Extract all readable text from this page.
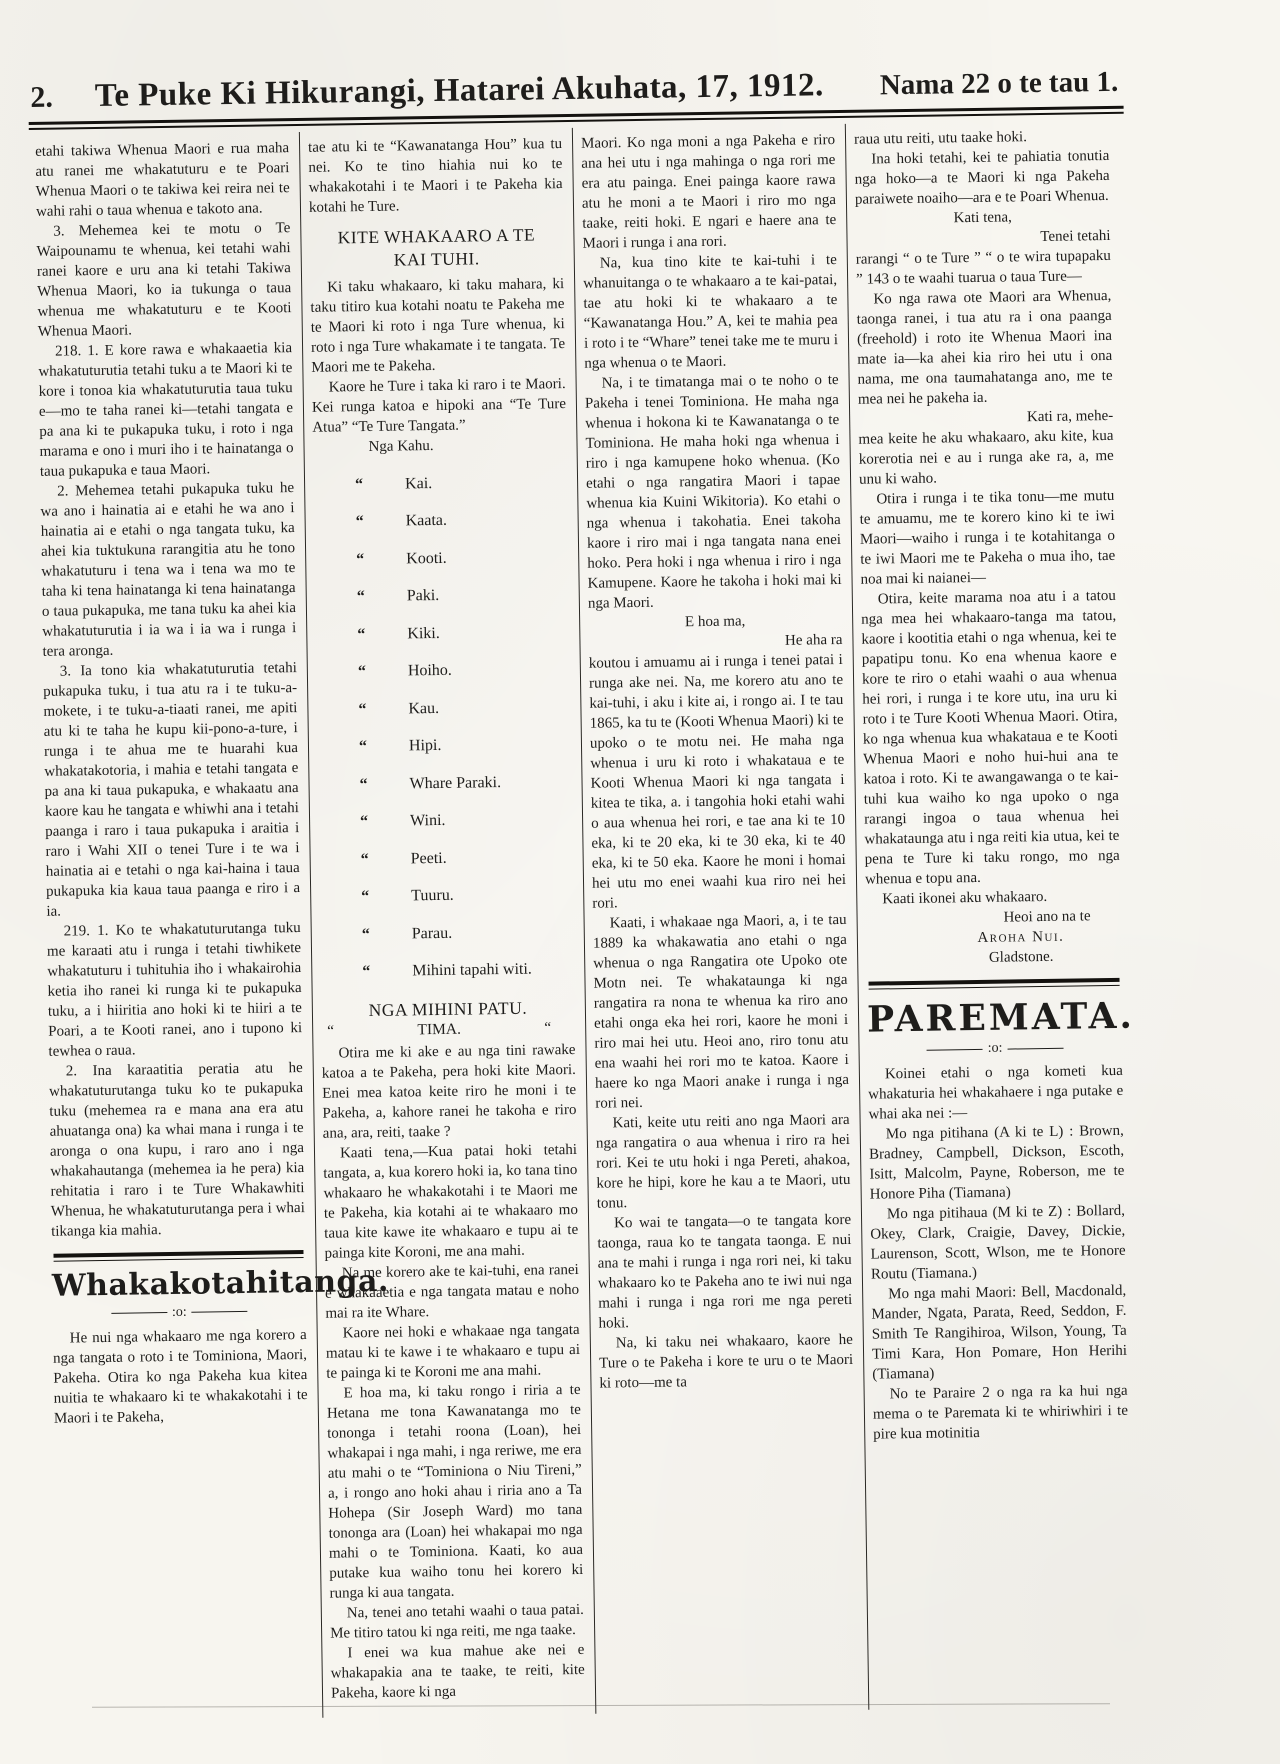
2.	Te Puke Ki Hikurangi, Hatarei Akuhata, 17, 1912.	Nama 22 o te tau 1.

etahi takiwa Whenua Maori e rua maha atu ranei me whakatuturu e te Poari Whenua Maori o te takiwa kei reira nei te wahi rahi o taua whenua e takoto ana.

3. Mehemea kei te motu o Te Waipounamu te whenua, kei tetahi wahi ranei kaore e uru ana ki tetahi Takiwa Whenua Maori, ko ia tukunga o taua whenua me whakatuturu e te Kooti Whenua Maori.

218. 1. E kore rawa e whakaaetia kia whakatuturutia tetahi tuku a te Maori ki te kore i tonoa kia whakatuturutia taua tuku e—mo te taha ranei ki—tetahi tangata e pa ana ki te pukapuka tuku, i roto i nga marama e ono i muri iho i te hainatanga o taua pukapuka e taua Maori.

2. Mehemea tetahi pukapuka tuku he wa ano i hainatia ai e etahi he wa ano i hainatia ai e etahi o nga tangata tuku, ka ahei kia tuktukuna rarangitia atu he tono whakatuturu i tena wa i tena wa mo te taha ki tena hainatanga ki tena hainatanga o taua pukapuka, me tana tuku ka ahei kia whakatuturutia i ia wa i ia wa i runga i tera aronga.

3. Ia tono kia whakatuturutia tetahi pukapuka tuku, i tua atu ra i te tuku-a-mokete, i te tuku-a-tiaati ranei, me apiti atu ki te taha he kupu kii-pono-a-ture, i runga i te ahua me te huarahi kua whakatakotoria, i mahia e tetahi tangata e pa ana ki taua pukapuka, e whakaatu ana kaore kau he tangata e whiwhi ana i tetahi paanga i raro i taua pukapuka i araitia i raro i Wahi XII o tenei Ture i te wa i hainatia ai e tetahi o nga kai-haina i taua pukapuka kia kaua taua paanga e riro i a ia.

219. 1. Ko te whakatuturutanga tuku me karaati atu i runga i tetahi tiwhikete whakatuturu i tuhituhia iho i whakairohia ketia iho ranei ki runga ki te pukapuka tuku, a i hiiritia ano hoki ki te hiiri a te Poari, a te Kooti ranei, ano i tupono ki tewhea o raua.

2. Ina karaatitia peratia atu he whakatuturutanga tuku ko te pukapuka tuku (mehemea ra e mana ana era atu ahuatanga ona) ka whai mana i runga i te aronga o ona kupu, i raro ano i nga whakahautanga (mehemea ia he pera) kia rehitatia i raro i te Ture Whakawhiti Whenua, he whakatuturutanga pera i whai tikanga kia mahia.

Whakakotahitanga.
:o:

He nui nga whakaaro me nga korero a nga tangata o roto i te Tominiona, Maori, Pakeha. Otira ko nga Pakeha kua kitea nuitia te whakaaro ki te whakakotahi i te Maori i te Pakeha,

tae atu ki te “Kawanatanga Hou” kua tu nei. Ko te tino hiahia nui ko te whakakotahi i te Maori i te Pakeha kia kotahi he Ture.

KITE WHAKAARO A TE KAI TUHI.

Ki taku whakaaro, ki taku mahara, ki taku titiro kua kotahi noatu te Pakeha me te Maori ki roto i nga Ture whenua, ki roto i nga Ture whakamate i te tangata. Te Maori me te Pakeha.

Kaore he Ture i taka ki raro i te Maori. Kei runga katoa e hipoki ana “Te Ture Atua” “Te Ture Tangata.”

Nga Kahu.

“	Kai.

“	Kaata.

“	Kooti.

“	Paki.

“	Kiki.

“	Hoiho.

“	Kau.

“	Hipi.

“	Whare Paraki.

“	Wini.

“	Peeti.

“	Tuuru.

“	Parau.

“	Mihini tapahi witi.

NGA MIHINI PATU.
“	TIMA.	“

Otira me ki ake e au nga tini rawake katoa a te Pakeha, pera hoki kite Maori. Enei mea katoa keite riro he moni i te Pakeha, a, kahore ranei he takoha e riro ana, ara, reiti, taake ?

Kaati tena,—Kua patai hoki tetahi tangata, a, kua korero hoki ia, ko tana tino whakaaro he whakakotahi i te Maori me te Pakeha, kia kotahi ai te whakaaro mo taua kite kawe ite whakaaro e tupu ai te painga kite Koroni, me ana mahi.

Na me korero ake te kai-tuhi, ena ranei e whakaaetia e nga tangata matau e noho mai ra ite Whare.

Kaore nei hoki e whakaae nga tangata matau ki te kawe i te whakaaro e tupu ai te painga ki te Koroni me ana mahi.

E hoa ma, ki taku rongo i riria a te Hetana me tona Kawanatanga mo te tononga i tetahi roona (Loan), hei whakapai i nga mahi, i nga reriwe, me era atu mahi o te “Tominiona o Niu Tireni,” a, i rongo ano hoki ahau i riria ano a Ta Hohepa (Sir Joseph Ward) mo tana tononga ara (Loan) hei whakapai mo nga mahi o te Tominiona. Kaati, ko aua putake kua waiho tonu hei korero ki runga ki aua tangata.

Na, tenei ano tetahi waahi o taua patai. Me titiro tatou ki nga reiti, me nga taake.

I enei wa kua mahue ake nei e whakapakia ana te taake, te reiti, kite Pakeha, kaore ki nga

Maori. Ko nga moni a nga Pakeha e riro ana hei utu i nga mahinga o nga rori me era atu painga. Enei painga kaore rawa atu he moni a te Maori i riro mo nga taake, reiti hoki. E ngari e haere ana te Maori i runga i ana rori.

Na, kua tino kite te kai-tuhi i te whanuitanga o te whakaaro a te kai-patai, tae atu hoki ki te whakaaro a te “Kawanatanga Hou.” A, kei te mahia pea i roto i te “Whare” tenei take me te muru i nga whenua o te Maori.

Na, i te timatanga mai o te noho o te Pakeha i tenei Tominiona. He maha nga whenua i hokona ki te Kawanatanga o te Tominiona. He maha hoki nga whenua i riro i nga kamupene hoko whenua. (Ko etahi o nga rangatira Maori i tapae whenua kia Kuini Wikitoria). Ko etahi o nga whenua i takohatia. Enei takoha kaore i riro mai i nga tangata nana enei hoko. Pera hoki i nga whenua i riro i nga Kamupene. Kaore he takoha i hoki mai ki nga Maori.

E hoa ma,

He aha ra

koutou i amuamu ai i runga i tenei patai i runga ake nei. Na, me korero atu ano te kai-tuhi, i aku i kite ai, i rongo ai. I te tau 1865, ka tu te (Kooti Whenua Maori) ki te upoko o te motu nei. He maha nga whenua i uru ki roto i whakataua e te Kooti Whenua Maori ki nga tangata i kitea te tika, a. i tangohia hoki etahi wahi o aua whenua hei rori, e tae ana ki te 10 eka, ki te 20 eka, ki te 30 eka, ki te 40 eka, ki te 50 eka. Kaore he moni i homai hei utu mo enei waahi kua riro nei hei rori.

Kaati, i whakaae nga Maori, a, i te tau 1889 ka whakawatia ano etahi o nga whenua o nga Rangatira ote Upoko ote Motn nei. Te whakataunga ki nga rangatira ra nona te whenua ka riro ano etahi onga eka hei rori, kaore he moni i riro mai hei utu. Heoi ano, riro tonu atu ena waahi hei rori mo te katoa. Kaore i haere ko nga Maori anake i runga i nga rori nei.

Kati, keite utu reiti ano nga Maori ara nga rangatira o aua whenua i riro ra hei rori. Kei te utu hoki i nga Pereti, ahakoa, kore he hipi, kore he kau a te Maori, utu tonu.

Ko wai te tangata—o te tangata kore taonga, raua ko te tangata taonga. E nui ana te mahi i runga i nga rori nei, ki taku whakaaro ko te Pakeha ano te iwi nui nga mahi i runga i nga rori me nga pereti hoki.

Na, ki taku nei whakaaro, kaore he Ture o te Pakeha i kore te uru o te Maori ki roto—me ta

raua utu reiti, utu taake hoki.

Ina hoki tetahi, kei te pahiatia tonutia nga hoko—a te Maori ki nga Pakeha paraiwete noaiho—ara e te Poari Whenua.

Kati tena,

Tenei tetahi

rarangi “ o te Ture ” “ o te wira tupapaku ” 143 o te waahi tuarua o taua Ture—

Ko nga rawa ote Maori ara Whenua, taonga ranei, i tua atu ra i ona paanga (freehold) i roto ite Whenua Maori ina mate ia—ka ahei kia riro hei utu i ona nama, me ona taumahatanga ano, me te mea nei he pakeha ia.

Kati ra, mehe-

mea keite he aku whakaaro, aku kite, kua korerotia nei e au i runga ake ra, a, me unu ki waho.

Otira i runga i te tika tonu—me mutu te amuamu, me te korero kino ki te iwi Maori—waiho i runga i te kotahitanga o te iwi Maori me te Pakeha o mua iho, tae noa mai ki naianei—

Otira, keite marama noa atu i a tatou nga mea hei whakaaro-tanga ma tatou, kaore i kootitia etahi o nga whenua, kei te papatipu tonu. Ko ena whenua kaore e kore te riro o etahi waahi o aua whenua hei rori, i runga i te kore utu, ina uru ki roto i te Ture Kooti Whenua Maori. Otira, ko nga whenua kua whakataua e te Kooti Whenua Maori e noho hui-hui ana te katoa i roto. Ki te awangawanga o te kai-tuhi kua waiho ko nga upoko o nga rarangi ingoa o taua whenua hei whakataunga atu i nga reiti kia utua, kei te pena te Ture ki taku rongo, mo nga whenua e topu ana.

Kaati ikonei aku whakaaro.

Heoi ano na te

Aroha Nui.

Gladstone.

PAREMATA.
:o:

Koinei etahi o nga kometi kua whakaturia hei whakahaere i nga putake e whai aka nei :—

Mo nga pitihana (A ki te L) : Brown, Bradney, Campbell, Dickson, Escoth, Isitt, Malcolm, Payne, Roberson, me te Honore Piha (Tiamana)

Mo nga pitihaua (M ki te Z) : Bollard, Okey, Clark, Craigie, Davey, Dickie, Laurenson, Scott, Wlson, me te Honore Routu (Tiamana.)

Mo nga mahi Maori: Bell, Macdonald, Mander, Ngata, Parata, Reed, Seddon, F. Smith Te Rangihiroa, Wilson, Young, Ta Timi Kara, Hon Pomare, Hon Herihi (Tiamana)

No te Paraire 2 o nga ra ka hui nga mema o te Paremata ki te whiriwhiri i te pire kua motinitia
